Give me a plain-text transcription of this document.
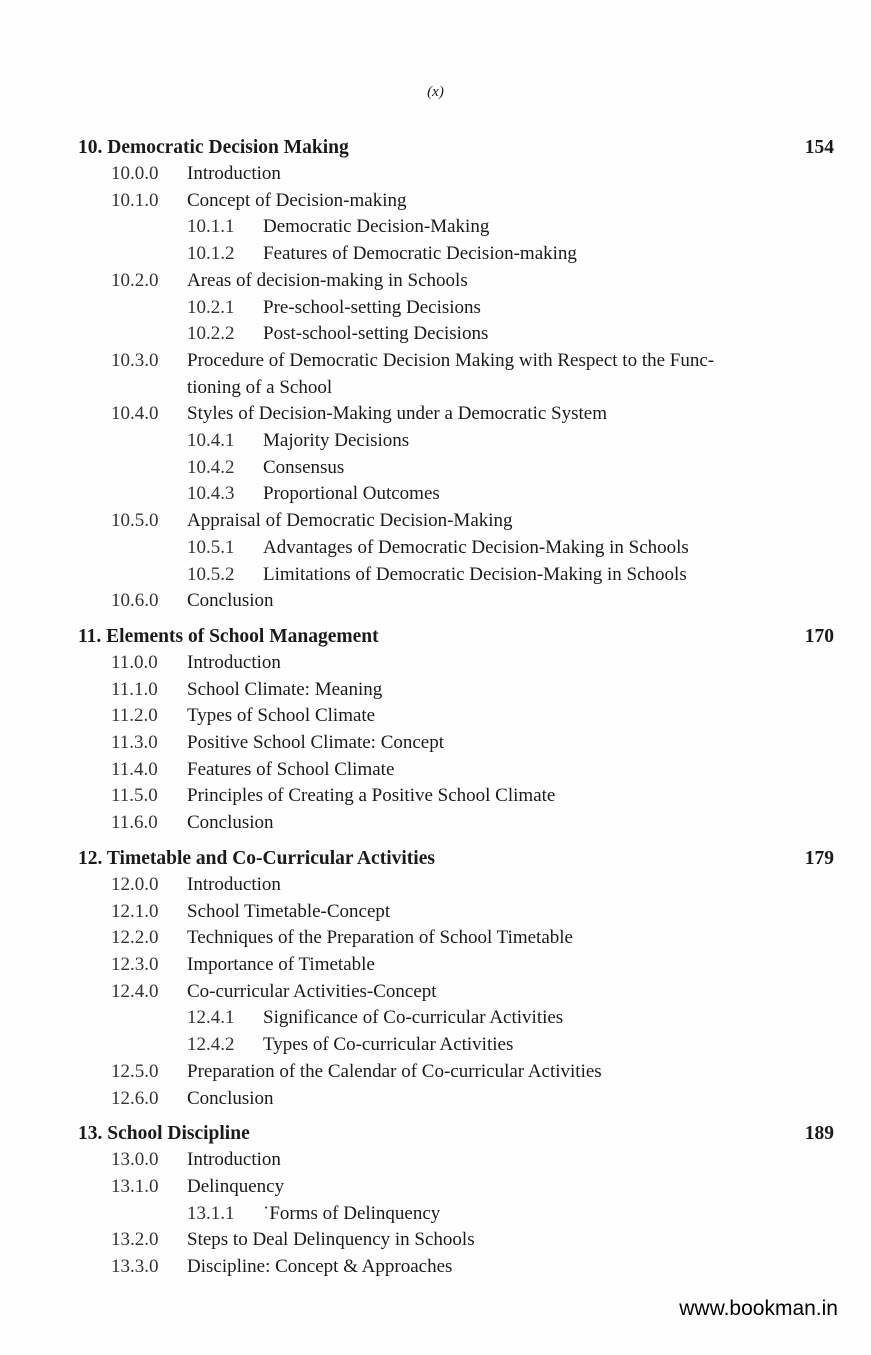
(x)
10. Democratic Decision Making	154
10.0.0	Introduction
10.1.0	Concept of Decision-making
10.1.1	Democratic Decision-Making
10.1.2	Features of Democratic Decision-making
10.2.0	Areas of decision-making in Schools
10.2.1	Pre-school-setting Decisions
10.2.2	Post-school-setting Decisions
10.3.0	Procedure of Democratic Decision Making with Respect to the Func-
tioning of a School
10.4.0	Styles of Decision-Making under a Democratic System
10.4.1	Majority Decisions
10.4.2	Consensus
10.4.3	Proportional Outcomes
10.5.0	Appraisal of Democratic Decision-Making
10.5.1	Advantages of Democratic Decision-Making in Schools
10.5.2	Limitations of Democratic Decision-Making in Schools
10.6.0	Conclusion
11. Elements of School Management	170
11.0.0	Introduction
11.1.0	School Climate: Meaning
11.2.0	Types of School Climate
11.3.0	Positive School Climate: Concept
11.4.0	Features of School Climate
11.5.0	Principles of Creating a Positive School Climate
11.6.0	Conclusion
12. Timetable and Co-Curricular Activities	179
12.0.0	Introduction
12.1.0	School Timetable-Concept
12.2.0	Techniques of the Preparation of School Timetable
12.3.0	Importance of Timetable
12.4.0	Co-curricular Activities-Concept
12.4.1	Significance of Co-curricular Activities
12.4.2	Types of Co-curricular Activities
12.5.0	Preparation of the Calendar of Co-curricular Activities
12.6.0	Conclusion
13. School Discipline	189
13.0.0	Introduction
13.1.0	Delinquency
13.1.1	˙Forms of Delinquency
13.2.0	Steps to Deal Delinquency in Schools
13.3.0	Discipline: Concept & Approaches
www.bookman.in
